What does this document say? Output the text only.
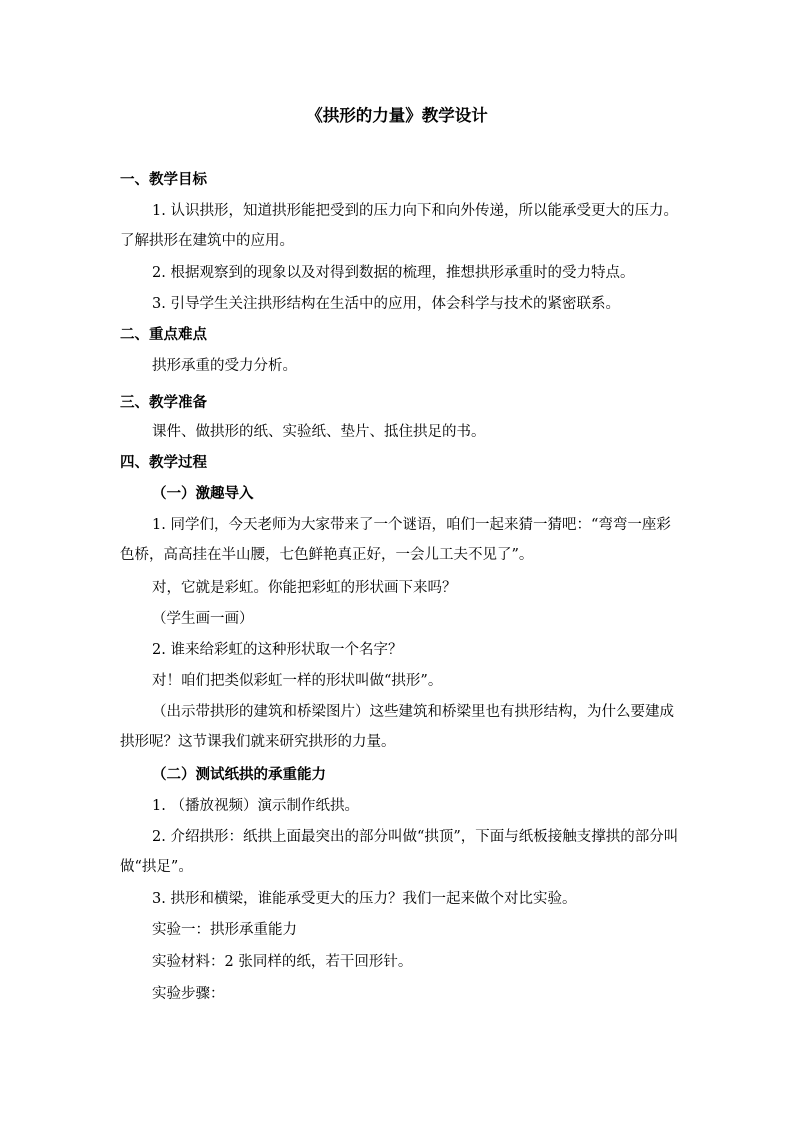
《拱形的力量》教学设计
一、教学目标

1. 认识拱形，知道拱形能把受到的压力向下和向外传递，所以能承受更大的压力。了解拱形在建筑中的应用。

2. 根据观察到的现象以及对得到数据的梳理，推想拱形承重时的受力特点。

3. 引导学生关注拱形结构在生活中的应用，体会科学与技术的紧密联系。

二、重点难点

拱形承重的受力分析。

三、教学准备

课件、做拱形的纸、实验纸、垫片、抵住拱足的书。

四、教学过程
（一）激趣导入

1. 同学们，今天老师为大家带来了一个谜语，咱们一起来猜一猜吧：“弯弯一座彩色桥，高高挂在半山腰，七色鲜艳真正好，一会儿工夫不见了”。

对，它就是彩虹。你能把彩虹的形状画下来吗？

（学生画一画）

2. 谁来给彩虹的这种形状取一个名字？

对！咱们把类似彩虹一样的形状叫做“拱形”。

（出示带拱形的建筑和桥梁图片）这些建筑和桥梁里也有拱形结构，为什么要建成拱形呢？这节课我们就来研究拱形的力量。

（二）测试纸拱的承重能力

1. （播放视频）演示制作纸拱。

2. 介绍拱形：纸拱上面最突出的部分叫做“拱顶”，下面与纸板接触支撑拱的部分叫做“拱足”。

3. 拱形和横梁，谁能承受更大的压力？我们一起来做个对比实验。

实验一：拱形承重能力

实验材料：2 张同样的纸，若干回形针。

实验步骤：
